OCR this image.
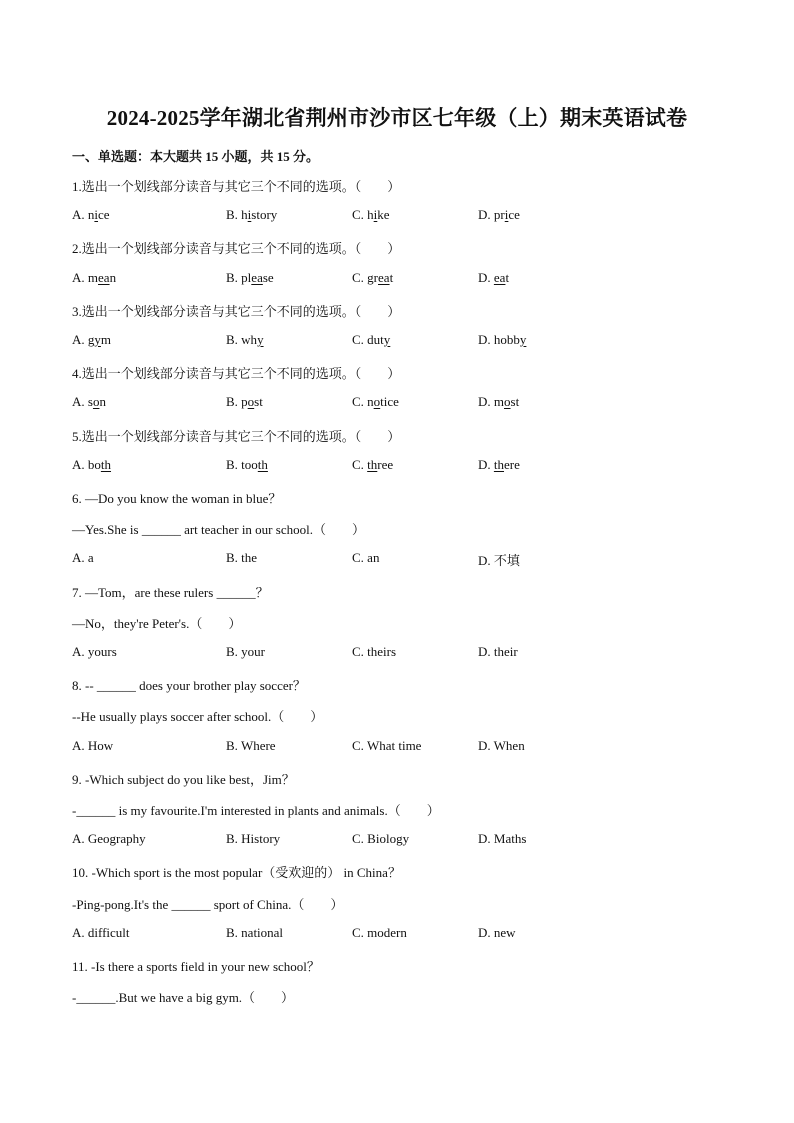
2024-2025学年湖北省荆州市沙市区七年级（上）期末英语试卷
一、单选题：本大题共 15 小题，共 15 分。
1.选出一个划线部分读音与其它三个不同的选项。（　　）
A. nice	B. history	C. hike	D. price
2.选出一个划线部分读音与其它三个不同的选项。（　　）
A. mean	B. please	C. great	D. eat
3.选出一个划线部分读音与其它三个不同的选项。（　　）
A. gym	B. why	C. duty	D. hobby
4.选出一个划线部分读音与其它三个不同的选项。（　　）
A. son	B. post	C. notice	D. most
5.选出一个划线部分读音与其它三个不同的选项。（　　）
A. both	B. tooth	C. three	D. there
6. —Do you know the woman in blue？
—Yes.She is ______ art teacher in our school.（　　）
A. a	B. the	C. an	D. 不填
7. —Tom，are these rulers ______？
—No，they're Peter's.（　　）
A. yours	B. your	C. theirs	D. their
8. -- ______ does your brother play soccer？
--He usually plays soccer after school.（　　）
A. How	B. Where	C. What time	D. When
9. -Which subject do you like best，Jim？
-______ is my favourite.I'm interested in plants and animals.（　　）
A. Geography	B. History	C. Biology	D. Maths
10. -Which sport is the most popular（受欢迎的） in China？
-Ping-pong.It's the ______ sport of China.（　　）
A. difficult	B. national	C. modern	D. new
11. -Is there a sports field in your new school？
-______.But we have a big gym.（　　）
